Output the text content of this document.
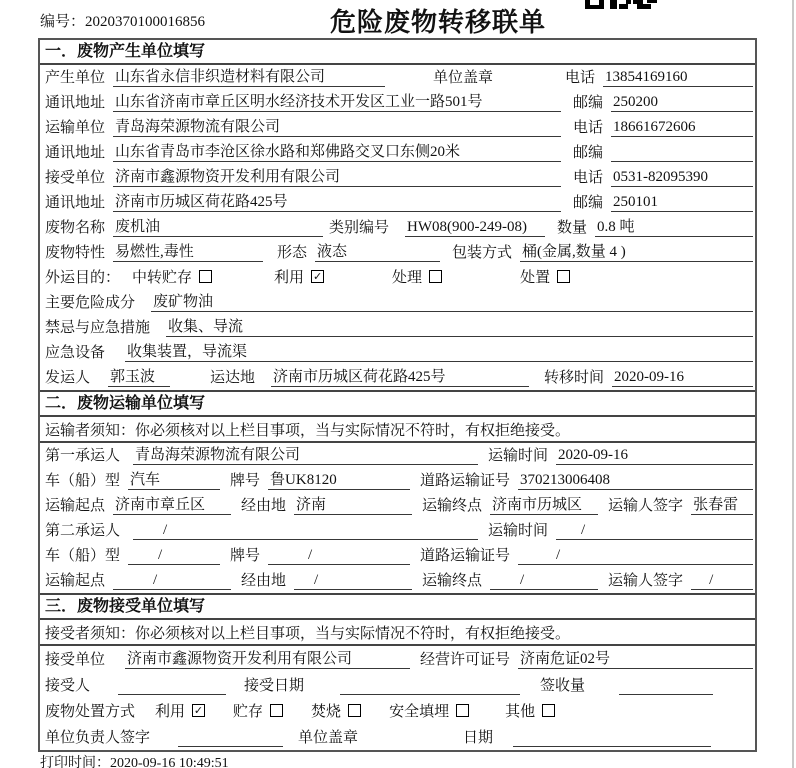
编号：2020370100016856	危险废物转移联单
一．废物产生单位填写
产生单位 山东省永信非织造材料有限公司	单位盖章	电话 13854169160
通讯地址 山东省济南市章丘区明水经济技术开发区工业一路501号	邮编 250200
运输单位 青岛海荣源物流有限公司	电话 18661672606
通讯地址 山东省青岛市李沧区徐水路和郑佛路交叉口东侧20米	邮编
接受单位 济南市鑫源物资开发利用有限公司	电话 0531-82095390
通讯地址 济南市历城区荷花路425号	邮编 250101
废物名称 废机油	类别编号 HW08(900-249-08)	数量 0.8 吨
废物特性 易燃性,毒性	形态 液态	包装方式 桶(金属,数量 4 )
外运目的： 中转贮存	利用 ✓	处理	处置
主要危险成分 废矿物油
禁忌与应急措施 收集、导流
应急设备 收集装置，导流渠
发运人 郭玉波	运达地 济南市历城区荷花路425号	转移时间 2020-09-16
二．废物运输单位填写
运输者须知：你必须核对以上栏目事项，当与实际情况不符时，有权拒绝接受。
第一承运人 青岛海荣源物流有限公司	运输时间 2020-09-16
车（船）型 汽车	牌号 鲁UK8120	道路运输证号 370213006408
运输起点 济南市章丘区	经由地 济南	运输终点 济南市历城区	运输人签字 张春雷
第二承运人	/	运输时间	/
车（船）型	/	牌号	/	道路运输证号	/
运输起点	/	经由地	/	运输终点	/	运输人签字	/
三．废物接受单位填写
接受者须知：你必须核对以上栏目事项，当与实际情况不符时，有权拒绝接受。
接受单位 济南市鑫源物资开发利用有限公司	经营许可证号 济南危证02号
接受人	接受日期	签收量
废物处置方式 利用 ✓ 贮存	焚烧	安全填埋	其他
单位负责人签字	单位盖章	日期
打印时间：2020-09-16 10:49:51
